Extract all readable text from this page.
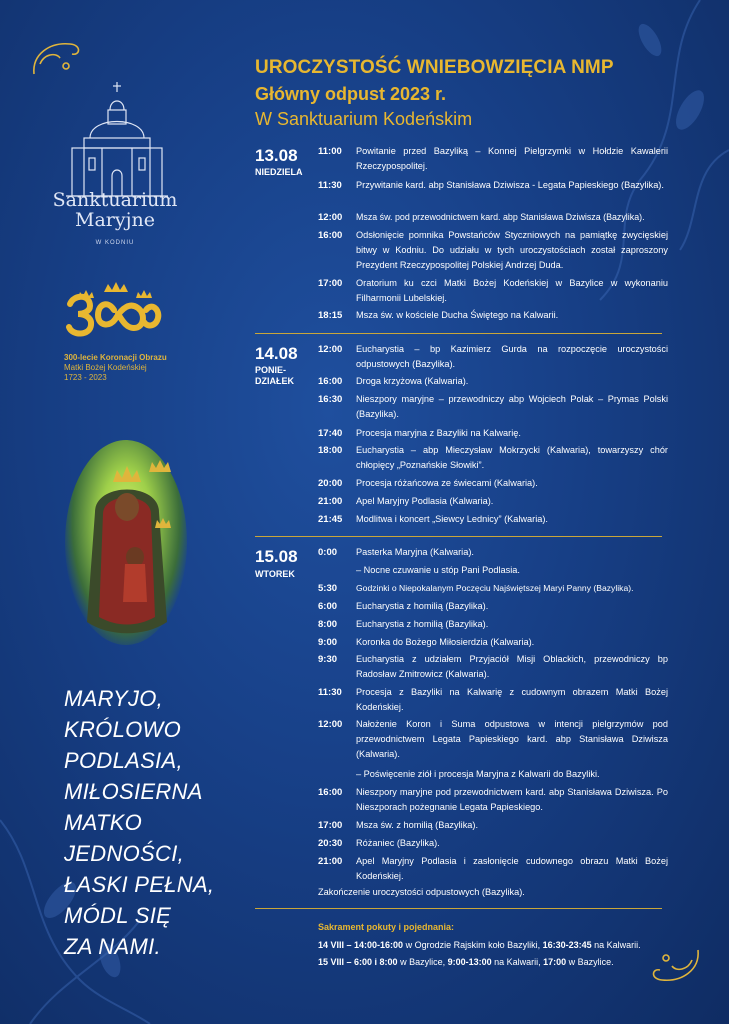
Sanktuarium
Maryjne
W KODNIU
300-lecie Koronacji Obrazu
Matki Bożej Kodeńskiej
1723 - 2023
MARYJO,
KRÓLOWO
PODLASIA,
MIŁOSIERNA
MATKO
JEDNOŚCI,
ŁASKI PEŁNA,
MÓDL SIĘ
ZA NAMI.
UROCZYSTOŚĆ WNIEBOWZIĘCIA NMP
Główny odpust 2023 r.
W Sanktuarium Kodeńskim
13.08
NIEDZIELA
11:00 Powitanie przed Bazyliką – Konnej Pielgrzymki w Hołdzie Kawalerii Rzeczypospolitej.
11:30 Przywitanie kard. abp Stanisława Dziwisza - Legata Papieskiego (Bazylika).
12:00 Msza św. pod przewodnictwem kard. abp Stanisława Dziwisza (Bazylika).
16:00 Odsłonięcie pomnika Powstańców Styczniowych na pamiątkę zwycięskiej bitwy w Kodniu. Do udziału w tych uroczystościach został zaproszony Prezydent Rzeczypospolitej Polskiej Andrzej Duda.
17:00 Oratorium ku czci Matki Bożej Kodeńskiej w Bazylice w wykonaniu Filharmonii Lubelskiej.
18:15 Msza św. w kościele Ducha Świętego na Kalwarii.
14.08
PONIE-
DZIAŁEK
12:00 Eucharystia – bp Kazimierz Gurda na rozpoczęcie uroczystości odpustowych (Bazylika).
16:00 Droga krzyżowa (Kalwaria).
16:30 Nieszpory maryjne – przewodniczy abp Wojciech Polak – Prymas Polski (Bazylika).
17:40 Procesja maryjna z Bazyliki na Kalwarię.
18:00 Eucharystia – abp Mieczysław Mokrzycki (Kalwaria), towarzyszy chór chłopięcy „Poznańskie Słowiki”.
20:00 Procesja różańcowa ze świecami (Kalwaria).
21:00 Apel Maryjny Podlasia (Kalwaria).
21:45 Modlitwa i koncert „Siewcy Lednicy” (Kalwaria).
15.08
WTOREK
0:00 Pasterka Maryjna (Kalwaria).
– Nocne czuwanie u stóp Pani Podlasia.
5:30 Godzinki o Niepokalanym Poczęciu Najświętszej Maryi Panny (Bazylika).
6:00 Eucharystia z homilią (Bazylika).
8:00 Eucharystia z homilią (Bazylika).
9:00 Koronka do Bożego Miłosierdzia (Kalwaria).
9:30 Eucharystia z udziałem Przyjaciół Misji Oblackich, przewodniczy bp Radosław Zmitrowicz (Kalwaria).
11:30 Procesja z Bazyliki na Kalwarię z cudownym obrazem Matki Bożej Kodeńskiej.
12:00 Nałożenie Koron i Suma odpustowa w intencji pielgrzymów pod przewodnictwem Legata Papieskiego kard. abp Stanisława Dziwisza (Kalwaria).
– Poświęcenie ziół i procesja Maryjna z Kalwarii do Bazyliki.
16:00 Nieszpory maryjne pod przewodnictwem kard. abp Stanisława Dziwisza. Po Nieszporach pożegnanie Legata Papieskiego.
17:00 Msza św. z homilią (Bazylika).
20:30 Różaniec (Bazylika).
21:00 Apel Maryjny Podlasia i zasłonięcie cudownego obrazu Matki Bożej Kodeńskiej.
Zakończenie uroczystości odpustowych (Bazylika).
Sakrament pokuty i pojednania:
14 VIII – 14:00-16:00 w Ogrodzie Rajskim koło Bazyliki, 16:30-23:45 na Kalwarii.
15 VIII – 6:00 i 8:00 w Bazylice, 9:00-13:00 na Kalwarii, 17:00 w Bazylice.
